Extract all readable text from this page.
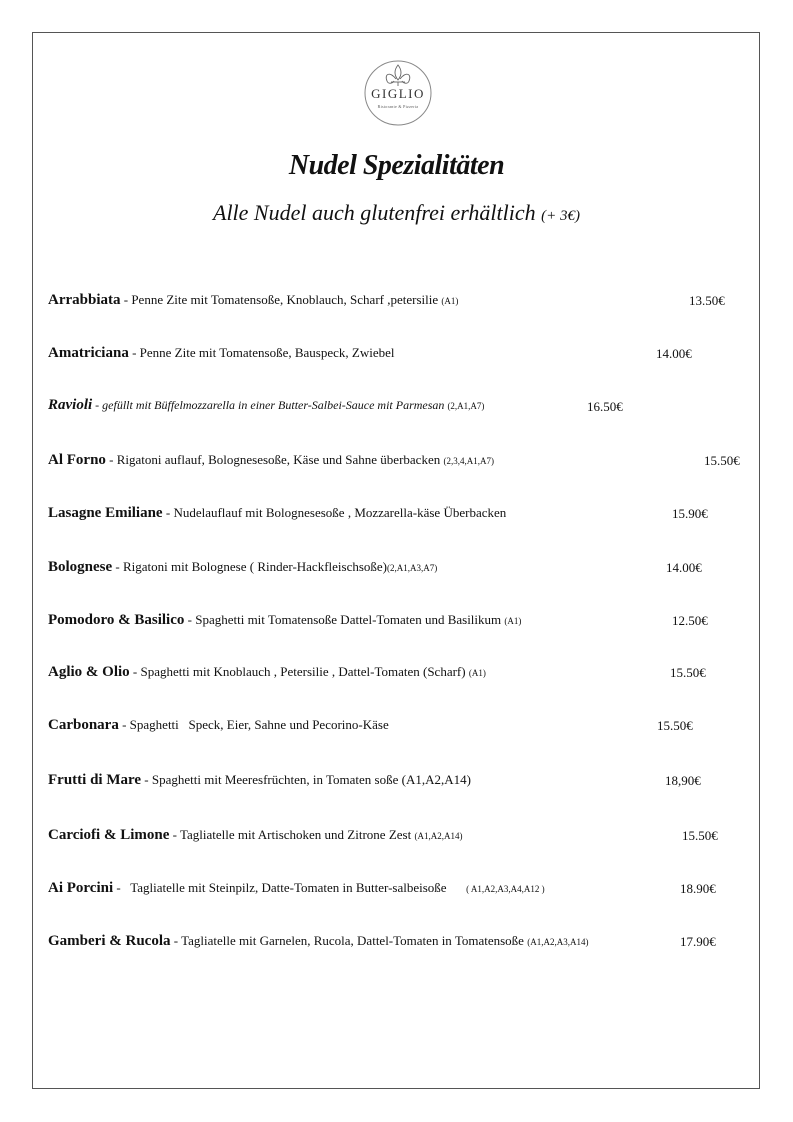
GIGLIO
Ristorante & Pizzeria
Nudel Spezialitäten
Alle Nudel auch glutenfrei erhältlich (+ 3€)
Arrabbiata - Penne Zite mit Tomatensoße, Knoblauch, Scharf ,petersilie (A1)	13.50€
Amatriciana - Penne Zite mit Tomatensoße, Bauspeck, Zwiebel	14.00€
Ravioli - gefüllt mit Büffelmozzarella in einer Butter-Salbei-Sauce mit Parmesan (2,A1,A7)	16.50€
Al Forno - Rigatoni auflauf, Bolognesesoße, Käse und Sahne überbacken (2,3,4,A1,A7)	15.50€
Lasagne Emiliane - Nudelauflauf mit Bolognesesoße , Mozzarella-käse Überbacken	15.90€
Bolognese - Rigatoni mit Bolognese ( Rinder-Hackfleischsoße)(2,A1,A3,A7)	14.00€
Pomodoro & Basilico - Spaghetti mit Tomatensoße Dattel-Tomaten und Basilikum (A1)	12.50€
Aglio & Olio - Spaghetti mit Knoblauch , Petersilie , Dattel-Tomaten (Scharf) (A1)	15.50€
Carbonara - Spaghetti   Speck, Eier, Sahne und Pecorino-Käse	15.50€
Frutti di Mare - Spaghetti mit Meeresfrüchten, in Tomaten soße (A1,A2,A14)	18,90€
Carciofi & Limone - Tagliatelle mit Artischoken und Zitrone Zest (A1,A2,A14)	15.50€
Ai Porcini -   Tagliatelle mit Steinpilz, Datte-Tomaten in Butter-salbeisoße      ( A1,A2,A3,A4,A12 )	18.90€
Gamberi & Rucola - Tagliatelle mit Garnelen, Rucola, Dattel-Tomaten in Tomatensoße (A1,A2,A3,A14)	17.90€
